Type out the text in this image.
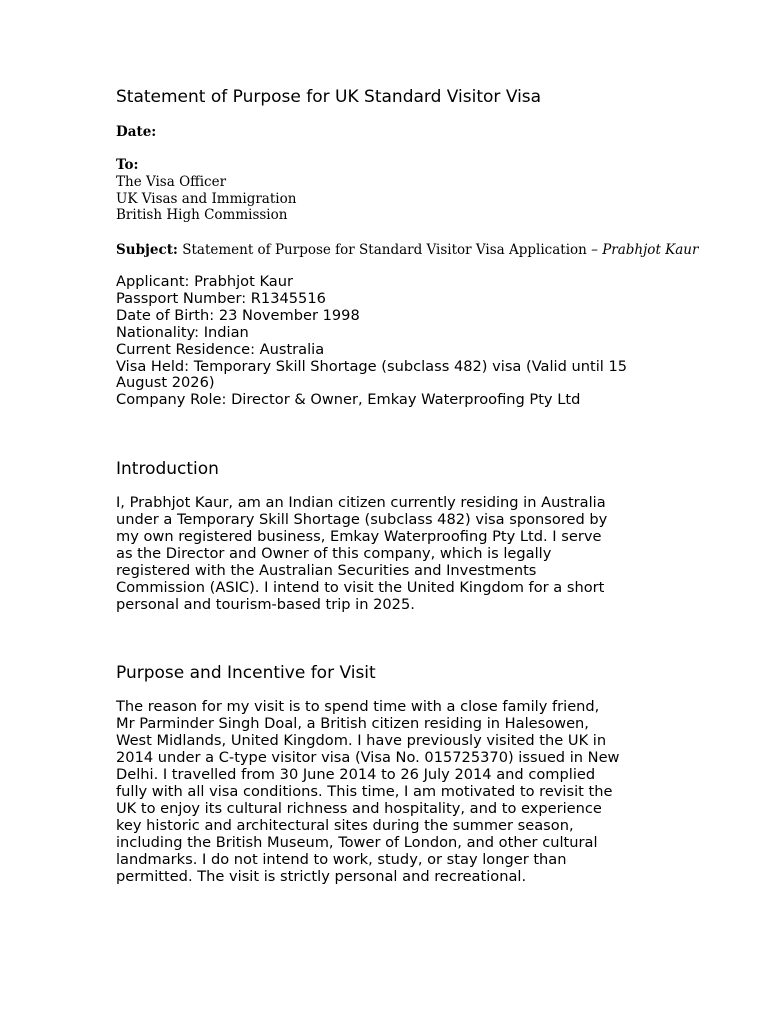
Statement of Purpose for UK Standard Visitor Visa
Date:
To:
The Visa Officer
UK Visas and Immigration
British High Commission
Subject: Statement of Purpose for Standard Visitor Visa Application – Prabhjot Kaur
Applicant: Prabhjot Kaur
Passport Number: R1345516
Date of Birth: 23 November 1998
Nationality: Indian
Current Residence: Australia
Visa Held: Temporary Skill Shortage (subclass 482) visa (Valid until 15 August 2026)
Company Role: Director & Owner, Emkay Waterproofing Pty Ltd
Introduction
I, Prabhjot Kaur, am an Indian citizen currently residing in Australia
under a Temporary Skill Shortage (subclass 482) visa sponsored by
my own registered business, Emkay Waterproofing Pty Ltd. I serve
as the Director and Owner of this company, which is legally
registered with the Australian Securities and Investments
Commission (ASIC). I intend to visit the United Kingdom for a short
personal and tourism-based trip in 2025.
Purpose and Incentive for Visit
The reason for my visit is to spend time with a close family friend,
Mr Parminder Singh Doal, a British citizen residing in Halesowen,
West Midlands, United Kingdom. I have previously visited the UK in
2014 under a C-type visitor visa (Visa No. 015725370) issued in New
Delhi. I travelled from 30 June 2014 to 26 July 2014 and complied
fully with all visa conditions. This time, I am motivated to revisit the
UK to enjoy its cultural richness and hospitality, and to experience
key historic and architectural sites during the summer season,
including the British Museum, Tower of London, and other cultural
landmarks. I do not intend to work, study, or stay longer than
permitted. The visit is strictly personal and recreational.
